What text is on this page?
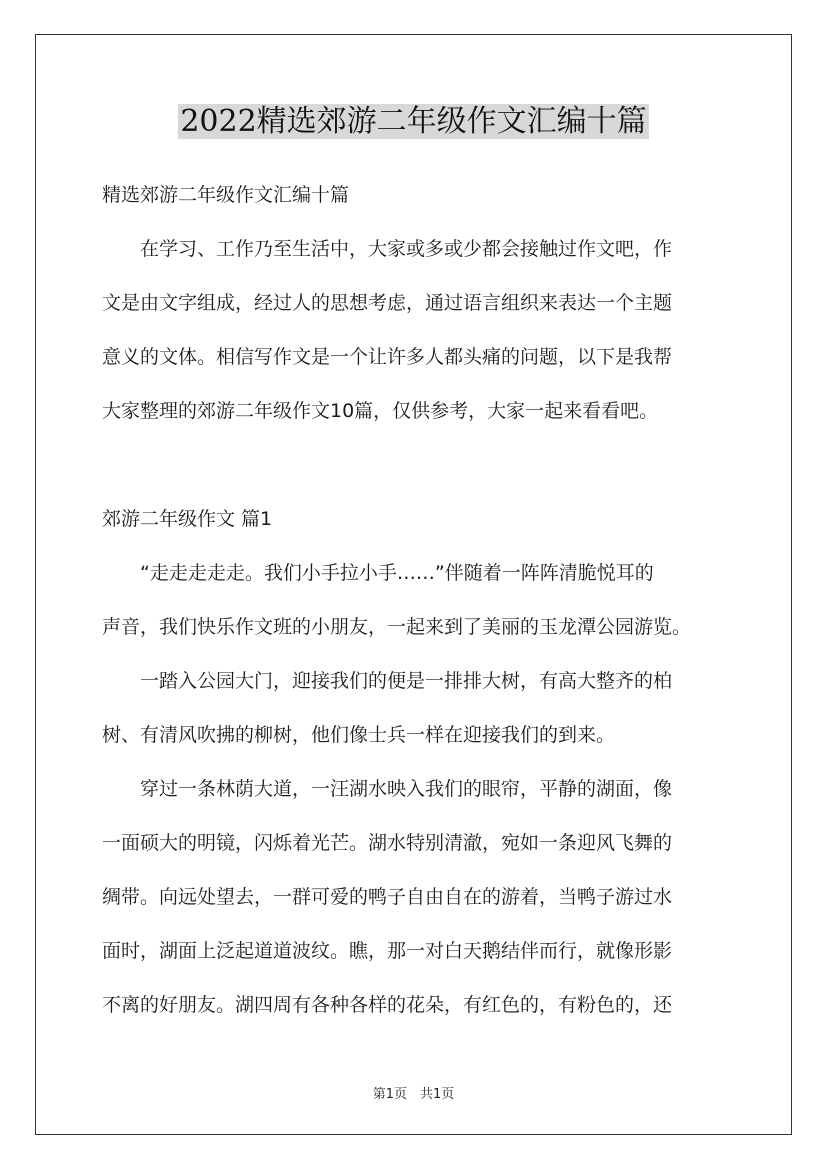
2022精选郊游二年级作文汇编十篇
精选郊游二年级作文汇编十篇
　　在学习、工作乃至生活中，大家或多或少都会接触过作文吧，作
文是由文字组成，经过人的思想考虑，通过语言组织来表达一个主题
意义的文体。相信写作文是一个让许多人都头痛的问题，以下是我帮
大家整理的郊游二年级作文10篇，仅供参考，大家一起来看看吧。
郊游二年级作文 篇1
　　“走走走走走。我们小手拉小手……”伴随着一阵阵清脆悦耳的
声音，我们快乐作文班的小朋友，一起来到了美丽的玉龙潭公园游览。
　　一踏入公园大门，迎接我们的便是一排排大树，有高大整齐的柏
树、有清风吹拂的柳树，他们像士兵一样在迎接我们的到来。
　　穿过一条林荫大道，一汪湖水映入我们的眼帘，平静的湖面，像
一面硕大的明镜，闪烁着光芒。湖水特别清澈，宛如一条迎风飞舞的
绸带。向远处望去，一群可爱的鸭子自由自在的游着，当鸭子游过水
面时，湖面上泛起道道波纹。瞧，那一对白天鹅结伴而行，就像形影
不离的好朋友。湖四周有各种各样的花朵，有红色的，有粉色的，还
第1页　共1页
